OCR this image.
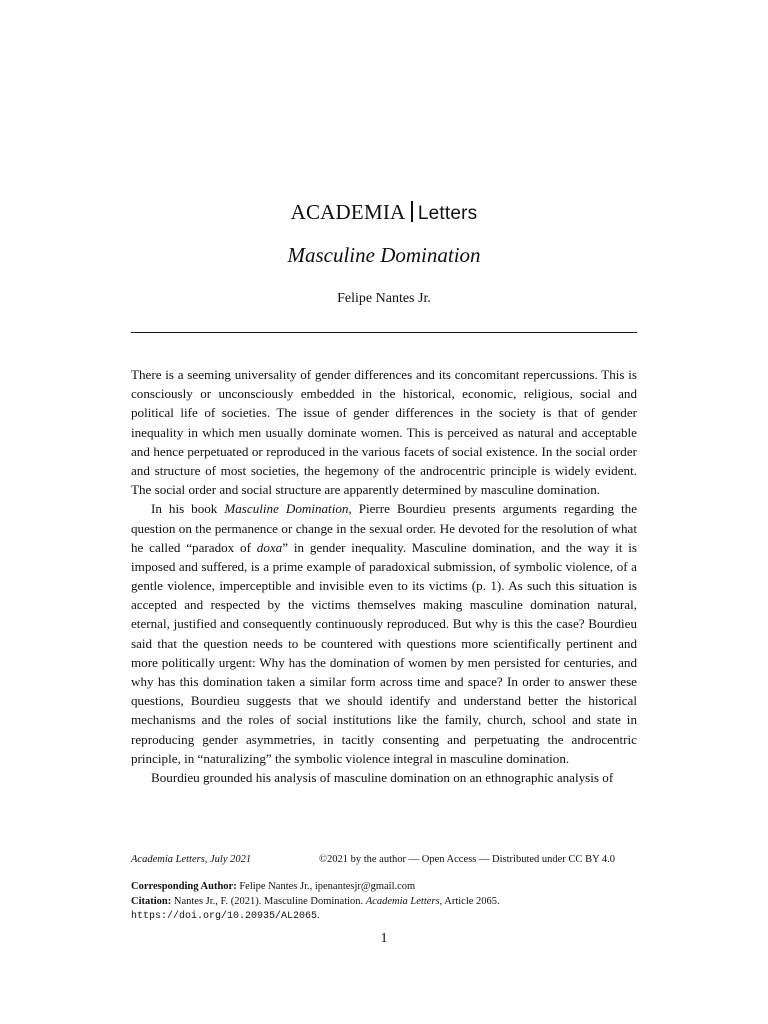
ACADEMIA Letters
Masculine Domination
Felipe Nantes Jr.

There is a seeming universality of gender differences and its concomitant repercussions. This is consciously or unconsciously embedded in the historical, economic, religious, social and political life of societies. The issue of gender differences in the society is that of gender inequality in which men usually dominate women. This is perceived as natural and acceptable and hence perpetuated or reproduced in the various facets of social existence. In the social order and structure of most societies, the hegemony of the androcentric principle is widely evident. The social order and social structure are apparently determined by masculine domination.

In his book Masculine Domination, Pierre Bourdieu presents arguments regarding the question on the permanence or change in the sexual order. He devoted for the resolution of what he called “paradox of doxa” in gender inequality. Masculine domination, and the way it is imposed and suffered, is a prime example of paradoxical submission, of symbolic violence, of a gentle violence, imperceptible and invisible even to its victims (p. 1). As such this situation is accepted and respected by the victims themselves making masculine domination natural, eternal, justified and consequently continuously reproduced. But why is this the case? Bourdieu said that the question needs to be countered with questions more scientifically pertinent and more politically urgent: Why has the domination of women by men persisted for centuries, and why has this domination taken a similar form across time and space? In order to answer these questions, Bourdieu suggests that we should identify and understand better the historical mechanisms and the roles of social institutions like the family, church, school and state in reproducing gender asymmetries, in tacitly consenting and perpetuating the androcentric principle, in “naturalizing” the symbolic violence integral in masculine domination.

Bourdieu grounded his analysis of masculine domination on an ethnographic analysis of

Academia Letters, July 2021	©2021 by the author — Open Access — Distributed under CC BY 4.0
Corresponding Author: Felipe Nantes Jr., ipenantesjr@gmail.com
Citation: Nantes Jr., F. (2021). Masculine Domination. Academia Letters, Article 2065.
https://doi.org/10.20935/AL2065.
1
